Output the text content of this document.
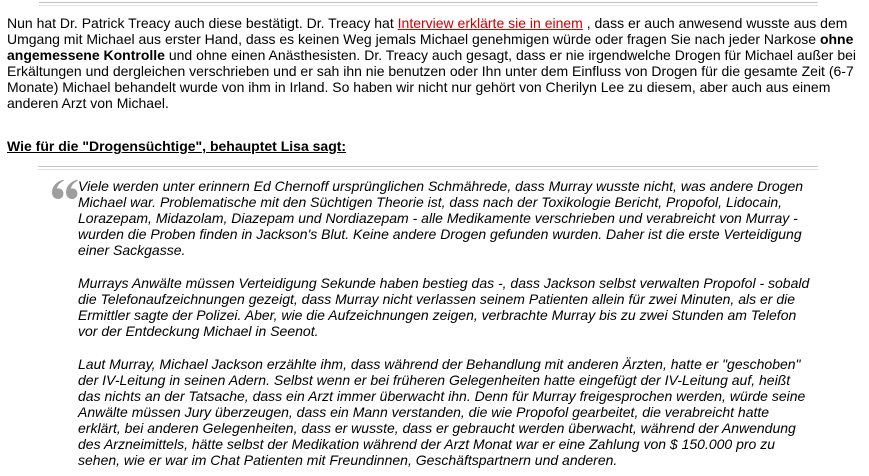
Nun hat Dr. Patrick Treacy auch diese bestätigt. Dr. Treacy hat Interview erklärte sie in einem , dass er auch anwesend wusste aus dem Umgang mit Michael aus erster Hand, dass es keinen Weg jemals Michael genehmigen würde oder fragen Sie nach jeder Narkose ohne angemessene Kontrolle und ohne einen Anästhesisten. Dr. Treacy auch gesagt, dass er nie irgendwelche Drogen für Michael außer bei Erkältungen und dergleichen verschrieben und er sah ihn nie benutzen oder Ihn unter dem Einfluss von Drogen für die gesamte Zeit (6-7 Monate) Michael behandelt wurde von ihm in Irland. So haben wir nicht nur gehört von Cherilyn Lee zu diesem, aber auch aus einem anderen Arzt von Michael.

Wie für die "Drogensüchtige", behauptet Lisa sagt:

Viele werden unter erinnern Ed Chernoff ursprünglichen Schmährede, dass Murray wusste nicht, was andere Drogen Michael war. Problematische mit den Süchtigen Theorie ist, dass nach der Toxikologie Bericht, Propofol, Lidocain, Lorazepam, Midazolam, Diazepam und Nordiazepam - alle Medikamente verschrieben und verabreicht von Murray - wurden die Proben finden in Jackson's Blut. Keine andere Drogen gefunden wurden. Daher ist die erste Verteidigung einer Sackgasse.

Murrays Anwälte müssen Verteidigung Sekunde haben bestieg das -, dass Jackson selbst verwalten Propofol - sobald die Telefonaufzeichnungen gezeigt, dass Murray nicht verlassen seinem Patienten allein für zwei Minuten, als er die Ermittler sagte der Polizei. Aber, wie die Aufzeichnungen zeigen, verbrachte Murray bis zu zwei Stunden am Telefon vor der Entdeckung Michael in Seenot.

Laut Murray, Michael Jackson erzählte ihm, dass während der Behandlung mit anderen Ärzten, hatte er "geschoben" der IV-Leitung in seinen Adern. Selbst wenn er bei früheren Gelegenheiten hatte eingefügt der IV-Leitung auf, heißt das nichts an der Tatsache, dass ein Arzt immer überwacht ihn. Denn für Murray freigesprochen werden, würde seine Anwälte müssen Jury überzeugen, dass ein Mann verstanden, die wie Propofol gearbeitet, die verabreicht hatte erklärt, bei anderen Gelegenheiten, dass er wusste, dass er gebraucht werden überwacht, während der Anwendung des Arzneimittels, hätte selbst der Medikation während der Arzt Monat war er eine Zahlung von $ 150.000 pro zu sehen, wie er war im Chat Patienten mit Freundinnen, Geschäftspartnern und anderen.
